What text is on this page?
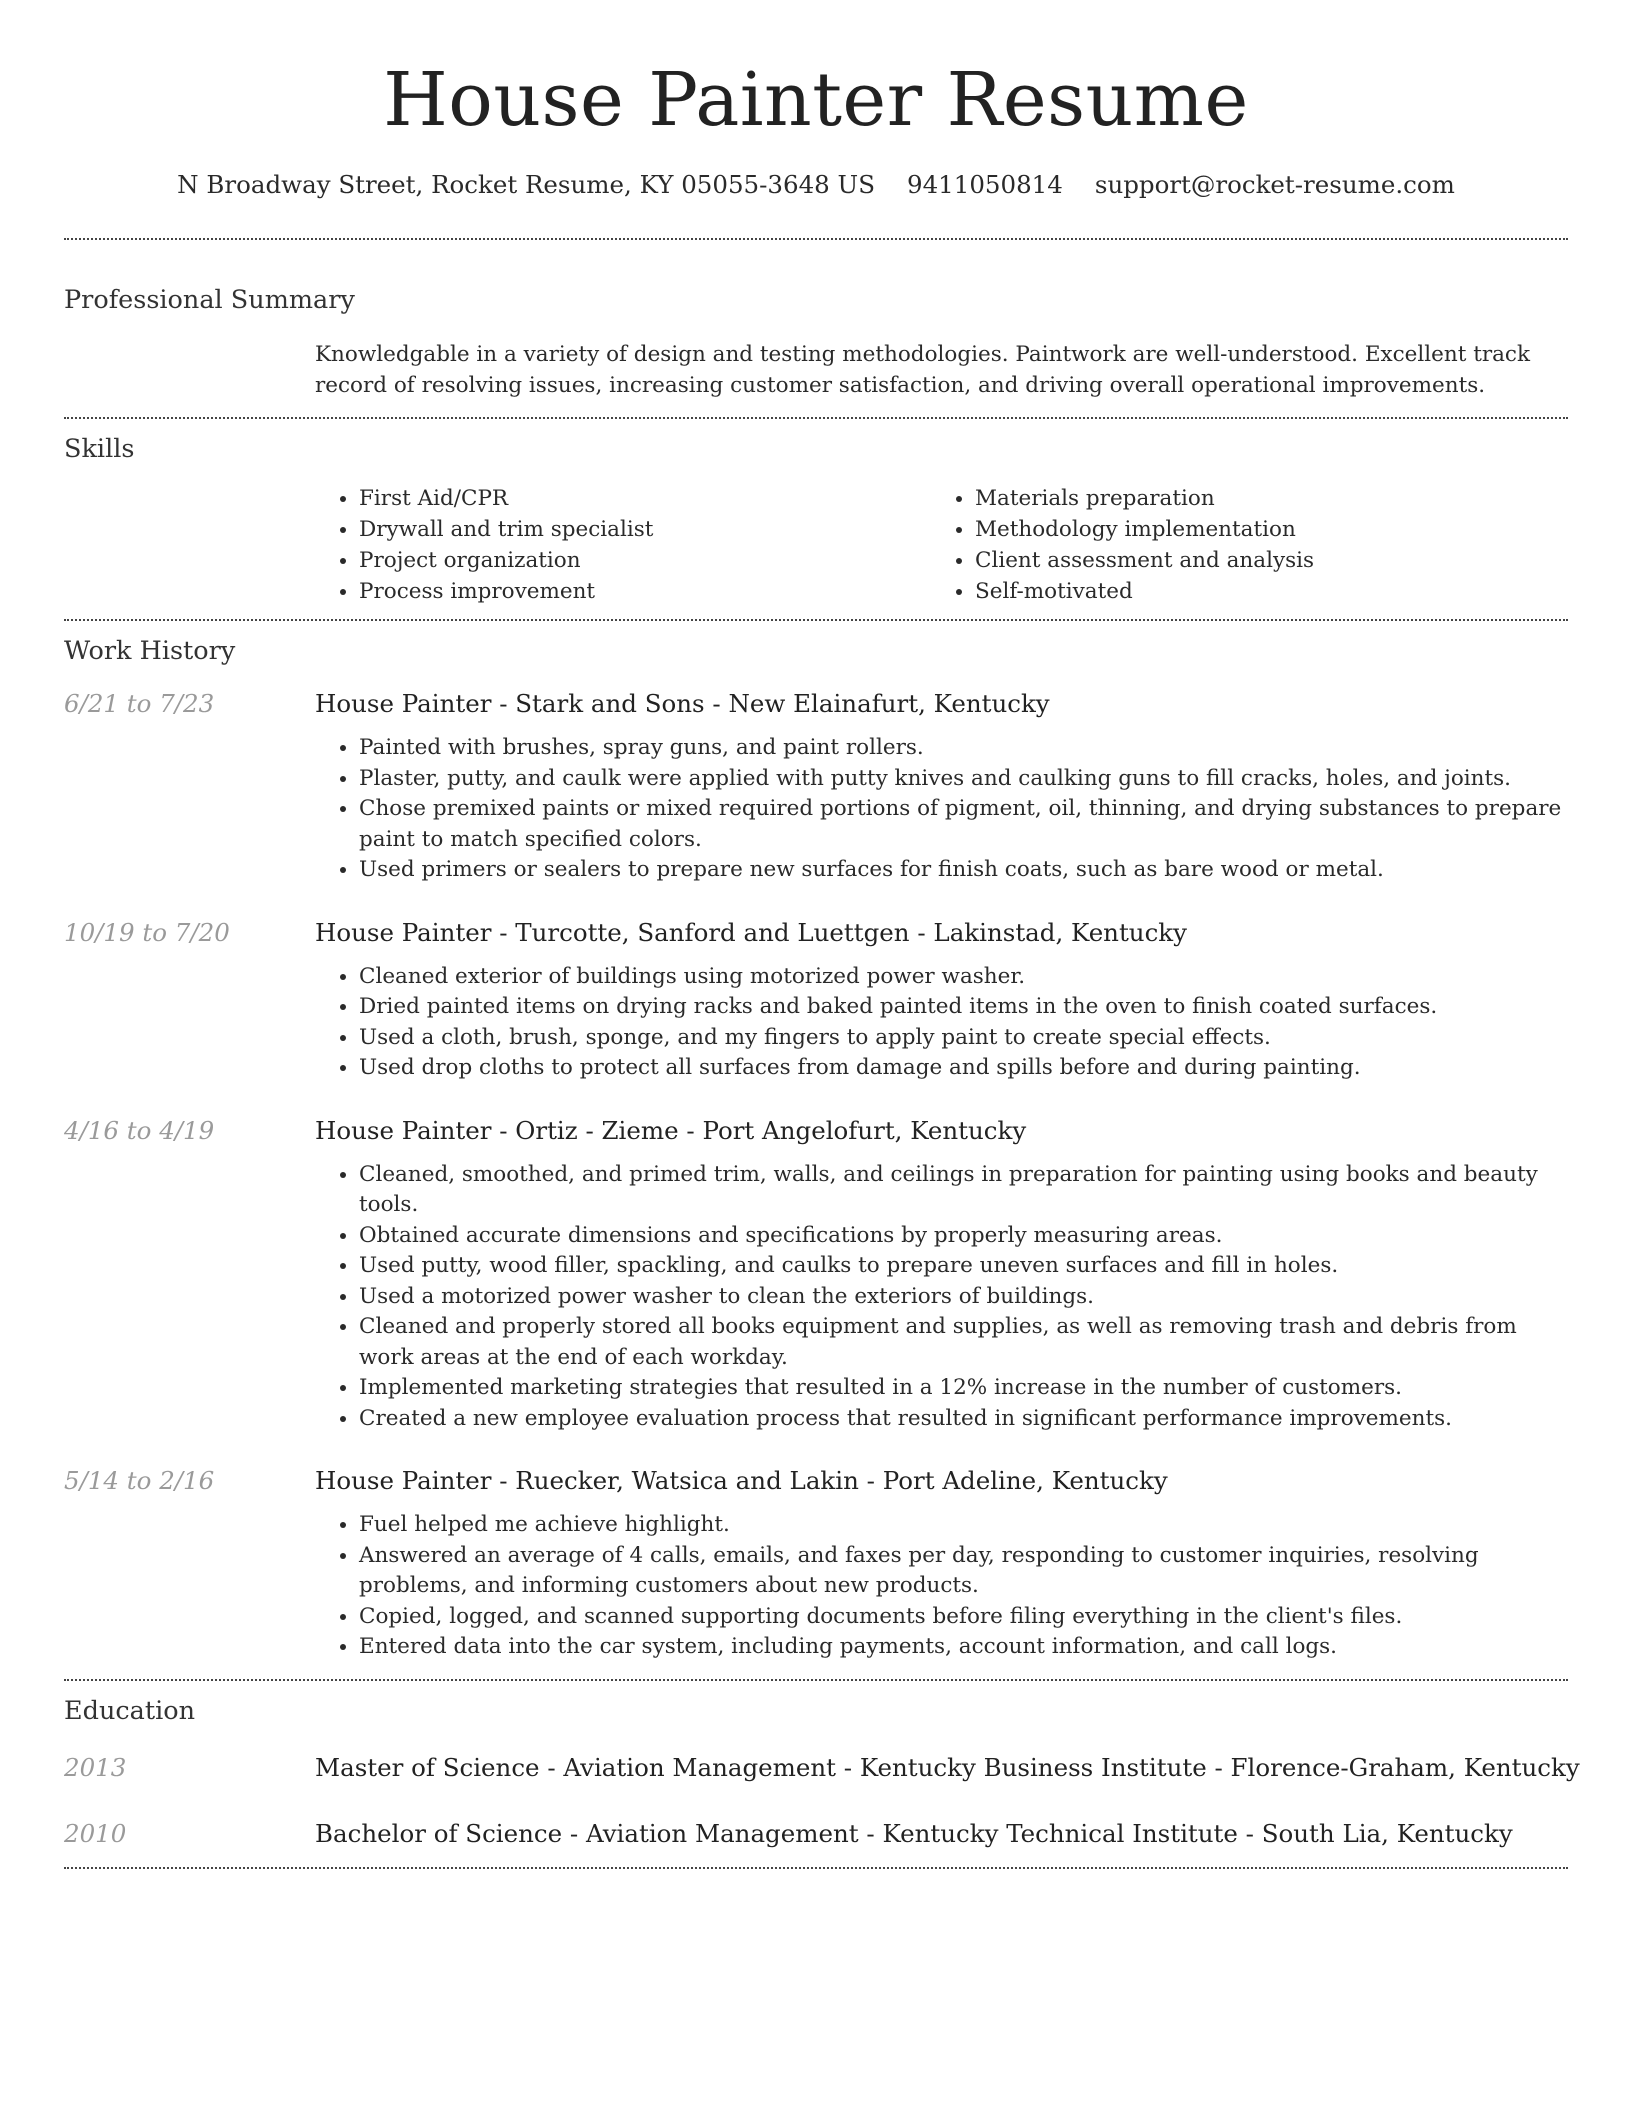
House Painter Resume
N Broadway Street, Rocket Resume, KY 05055-3648 US 9411050814 support@rocket-resume.com
Professional Summary
Knowledgable in a variety of design and testing methodologies. Paintwork are well-understood. Excellent track record of resolving issues, increasing customer satisfaction, and driving overall operational improvements.
Skills
• First Aid/CPR
• Drywall and trim specialist
• Project organization
• Process improvement
• Materials preparation
• Methodology implementation
• Client assessment and analysis
• Self-motivated
Work History
6/21 to 7/23	House Painter - Stark and Sons - New Elainafurt, Kentucky
• Painted with brushes, spray guns, and paint rollers.
• Plaster, putty, and caulk were applied with putty knives and caulking guns to fill cracks, holes, and joints.
• Chose premixed paints or mixed required portions of pigment, oil, thinning, and drying substances to prepare paint to match specified colors.
• Used primers or sealers to prepare new surfaces for finish coats, such as bare wood or metal.
10/19 to 7/20	House Painter - Turcotte, Sanford and Luettgen - Lakinstad, Kentucky
• Cleaned exterior of buildings using motorized power washer.
• Dried painted items on drying racks and baked painted items in the oven to finish coated surfaces.
• Used a cloth, brush, sponge, and my fingers to apply paint to create special effects.
• Used drop cloths to protect all surfaces from damage and spills before and during painting.
4/16 to 4/19	House Painter - Ortiz - Zieme - Port Angelofurt, Kentucky
• Cleaned, smoothed, and primed trim, walls, and ceilings in preparation for painting using books and beauty tools.
• Obtained accurate dimensions and specifications by properly measuring areas.
• Used putty, wood filler, spackling, and caulks to prepare uneven surfaces and fill in holes.
• Used a motorized power washer to clean the exteriors of buildings.
• Cleaned and properly stored all books equipment and supplies, as well as removing trash and debris from work areas at the end of each workday.
• Implemented marketing strategies that resulted in a 12% increase in the number of customers.
• Created a new employee evaluation process that resulted in significant performance improvements.
5/14 to 2/16	House Painter - Ruecker, Watsica and Lakin - Port Adeline, Kentucky
• Fuel helped me achieve highlight.
• Answered an average of 4 calls, emails, and faxes per day, responding to customer inquiries, resolving problems, and informing customers about new products.
• Copied, logged, and scanned supporting documents before filing everything in the client's files.
• Entered data into the car system, including payments, account information, and call logs.
Education
2013	Master of Science - Aviation Management - Kentucky Business Institute - Florence-Graham, Kentucky
2010	Bachelor of Science - Aviation Management - Kentucky Technical Institute - South Lia, Kentucky
